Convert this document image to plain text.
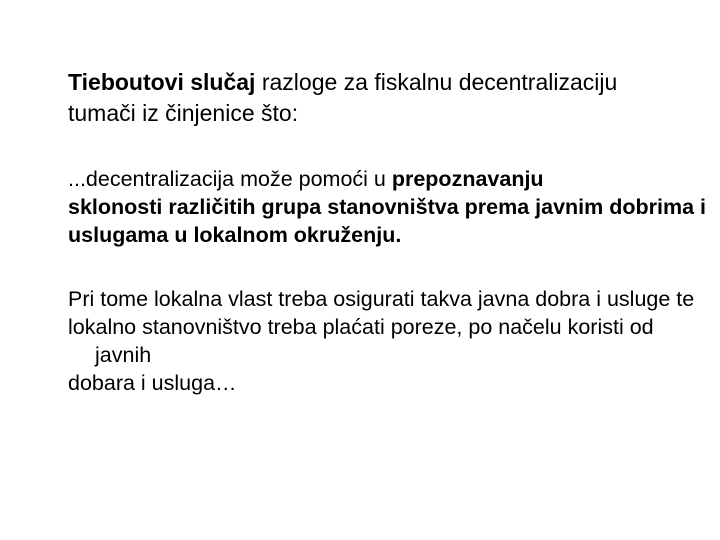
Tieboutovi slučaj razloge za fiskalnu decentralizaciju

tumači iz činjenice što:

...decentralizacija može pomoći u prepoznavanju

sklonosti različitih grupa stanovništva prema javnim dobrima i

uslugama u lokalnom okruženju.

Pri tome lokalna vlast treba osigurati takva javna dobra i usluge te

lokalno stanovništvo treba plaćati poreze, po načelu koristi od javnih

dobara i usluga…
